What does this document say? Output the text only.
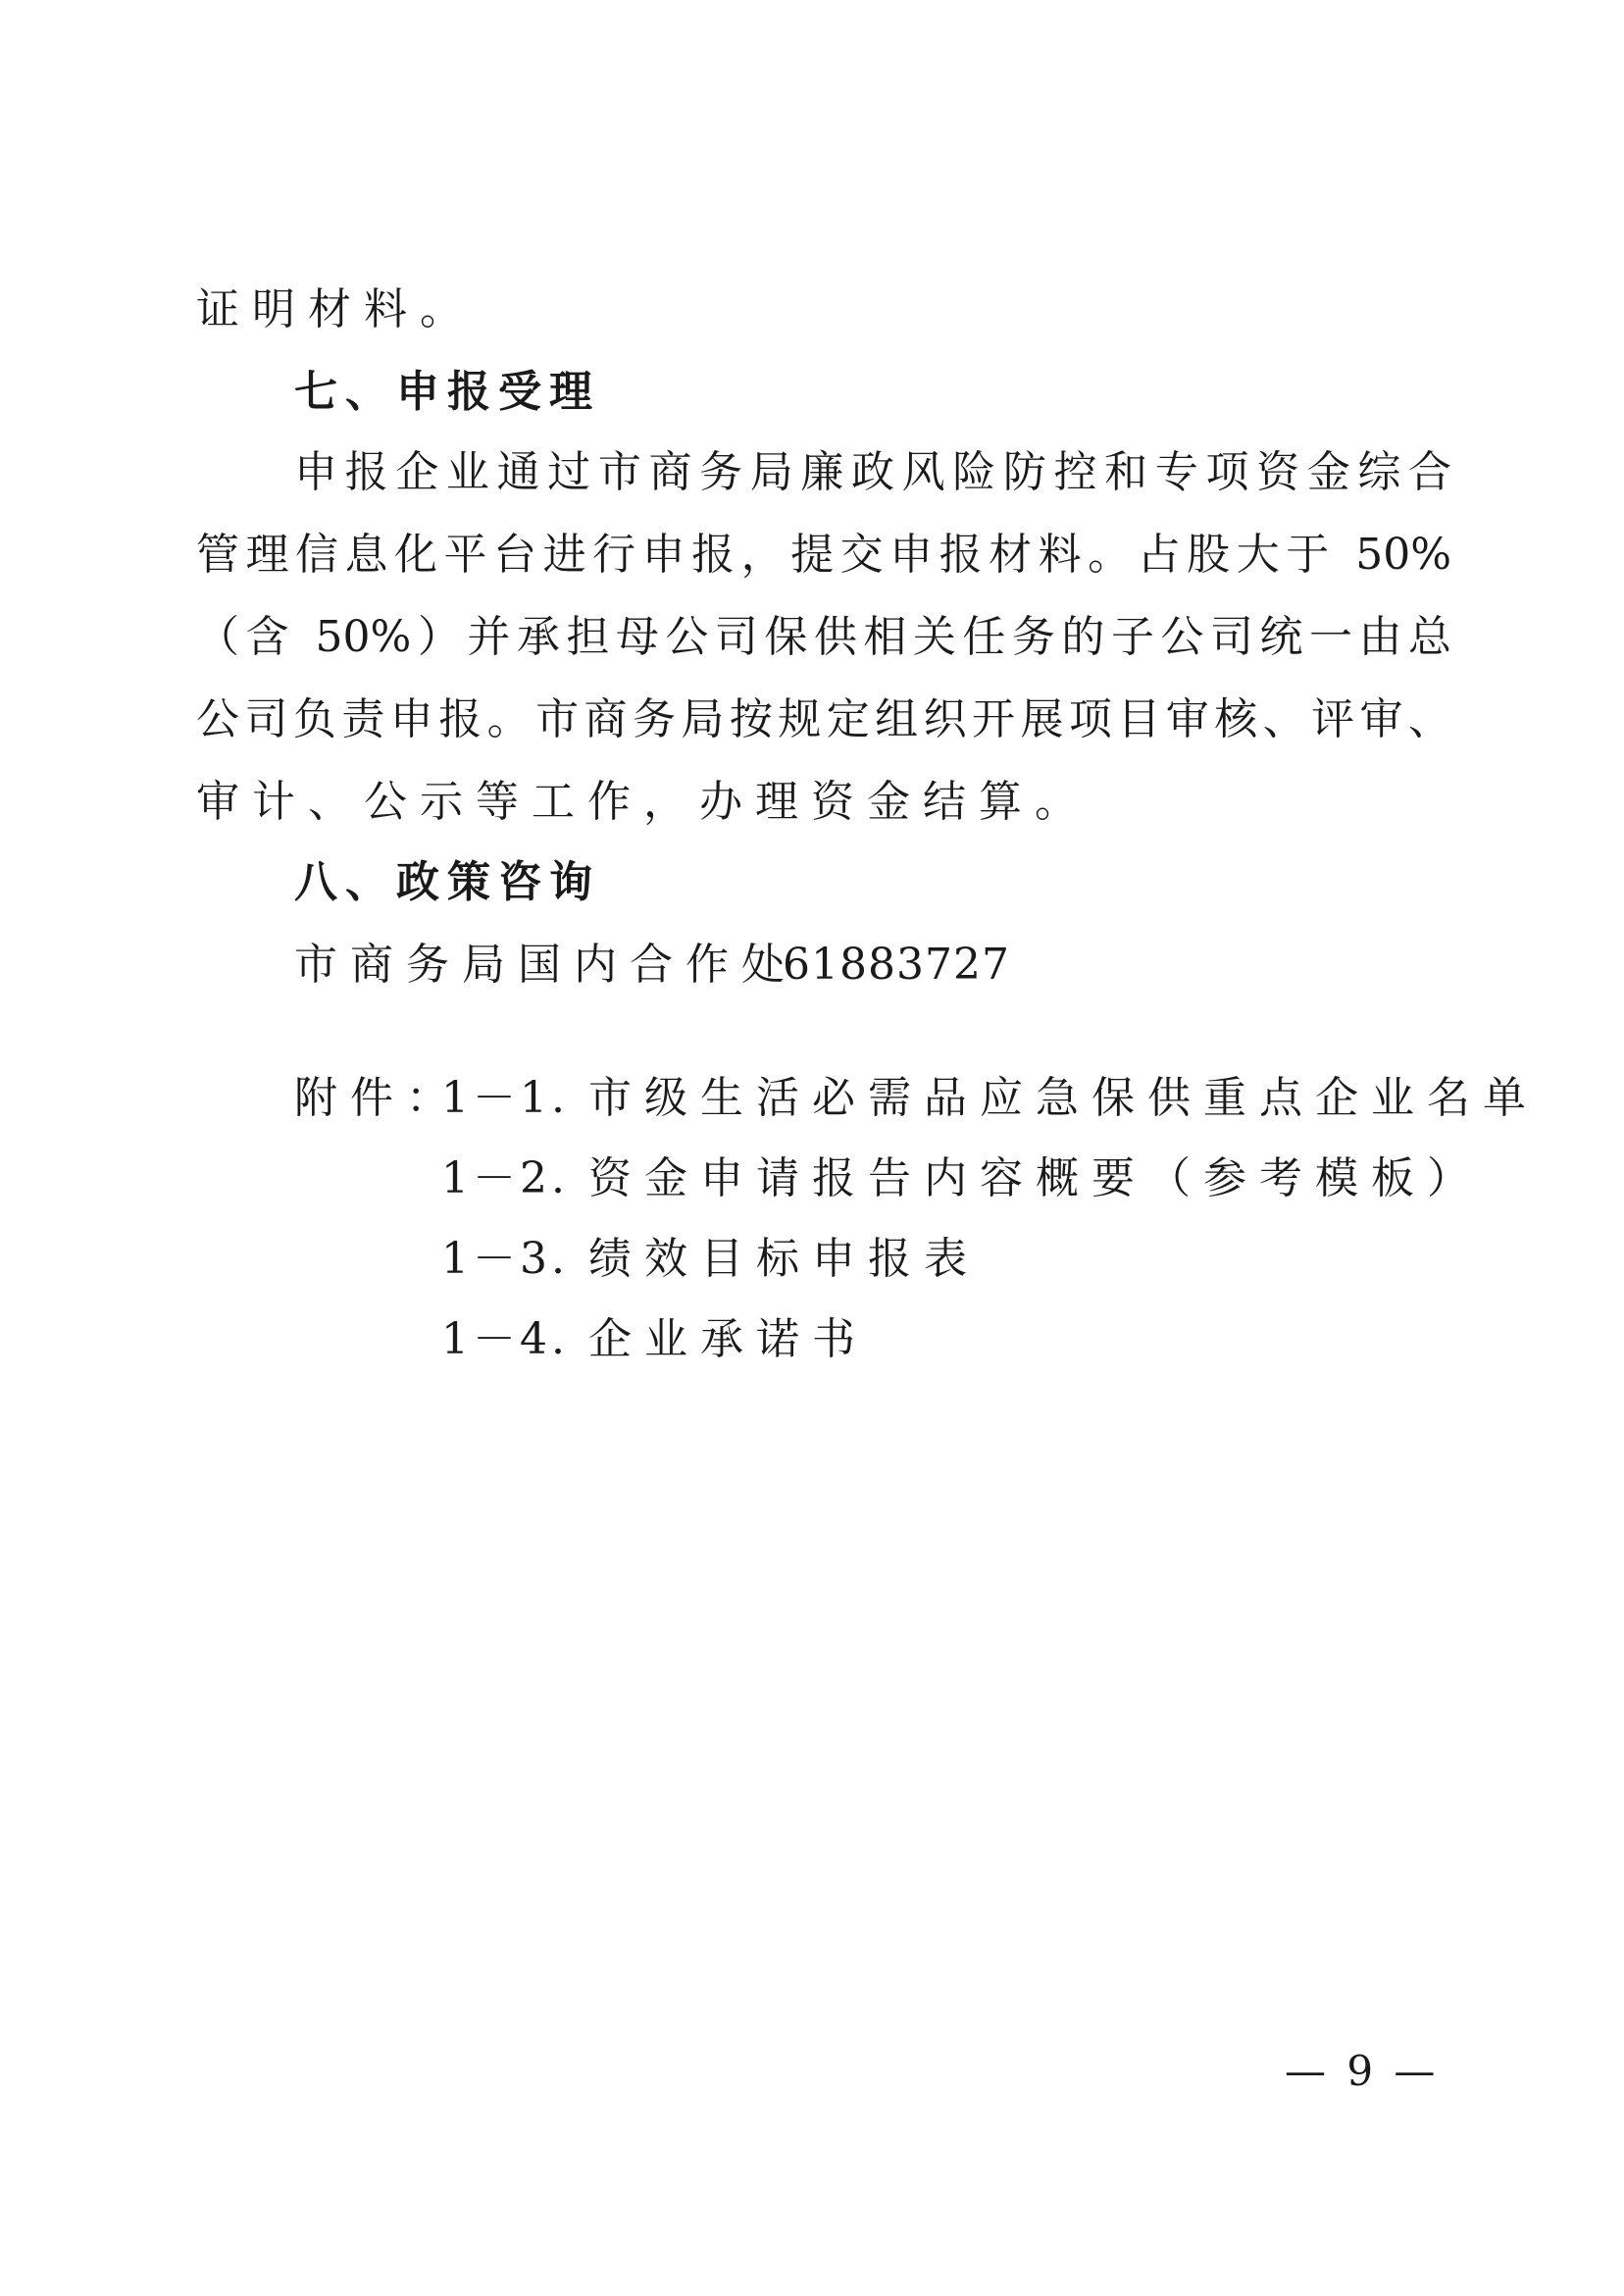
证明材料。
七、申报受理
申报企业通过市商务局廉政风险防控和专项资金综合
管理信息化平台进行申报，提交申报材料。占股大于 50%
（含 50%）并承担母公司保供相关任务的子公司统一由总
公司负责申报。市商务局按规定组织开展项目审核、评审、
审计、公示等工作，办理资金结算。
八、政策咨询
市商务局国内合作处
61883727
附件：
1－1. 市级生活必需品应急保供重点企业名单
1－2. 资金申请报告内容概要（参考模板）
1－3. 绩效目标申报表
1－4. 企业承诺书
— 9 —
